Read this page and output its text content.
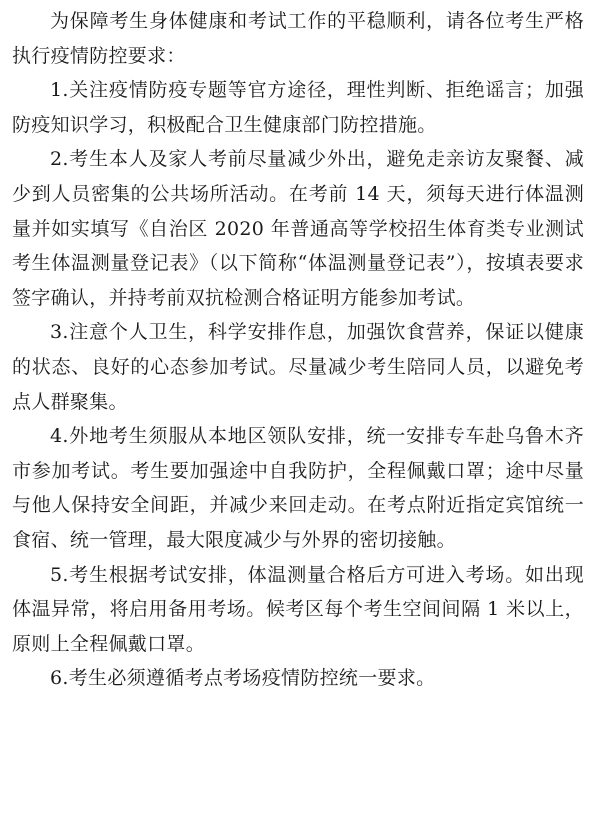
为保障考生身体健康和考试工作的平稳顺利，请各位考生严格执行疫情防控要求：

1.关注疫情防疫专题等官方途径，理性判断、拒绝谣言；加强防疫知识学习，积极配合卫生健康部门防控措施。

2.考生本人及家人考前尽量减少外出，避免走亲访友聚餐、减少到人员密集的公共场所活动。在考前 14 天，须每天进行体温测量并如实填写《自治区 2020 年普通高等学校招生体育类专业测试考生体温测量登记表》（以下简称“体温测量登记表”），按填表要求签字确认，并持考前双抗检测合格证明方能参加考试。

3.注意个人卫生，科学安排作息，加强饮食营养，保证以健康的状态、良好的心态参加考试。尽量减少考生陪同人员，以避免考点人群聚集。

4.外地考生须服从本地区领队安排，统一安排专车赴乌鲁木齐市参加考试。考生要加强途中自我防护，全程佩戴口罩；途中尽量与他人保持安全间距，并减少来回走动。在考点附近指定宾馆统一食宿、统一管理，最大限度减少与外界的密切接触。

5.考生根据考试安排，体温测量合格后方可进入考场。如出现体温异常，将启用备用考场。候考区每个考生空间间隔 1 米以上，原则上全程佩戴口罩。

6.考生必须遵循考点考场疫情防控统一要求。
